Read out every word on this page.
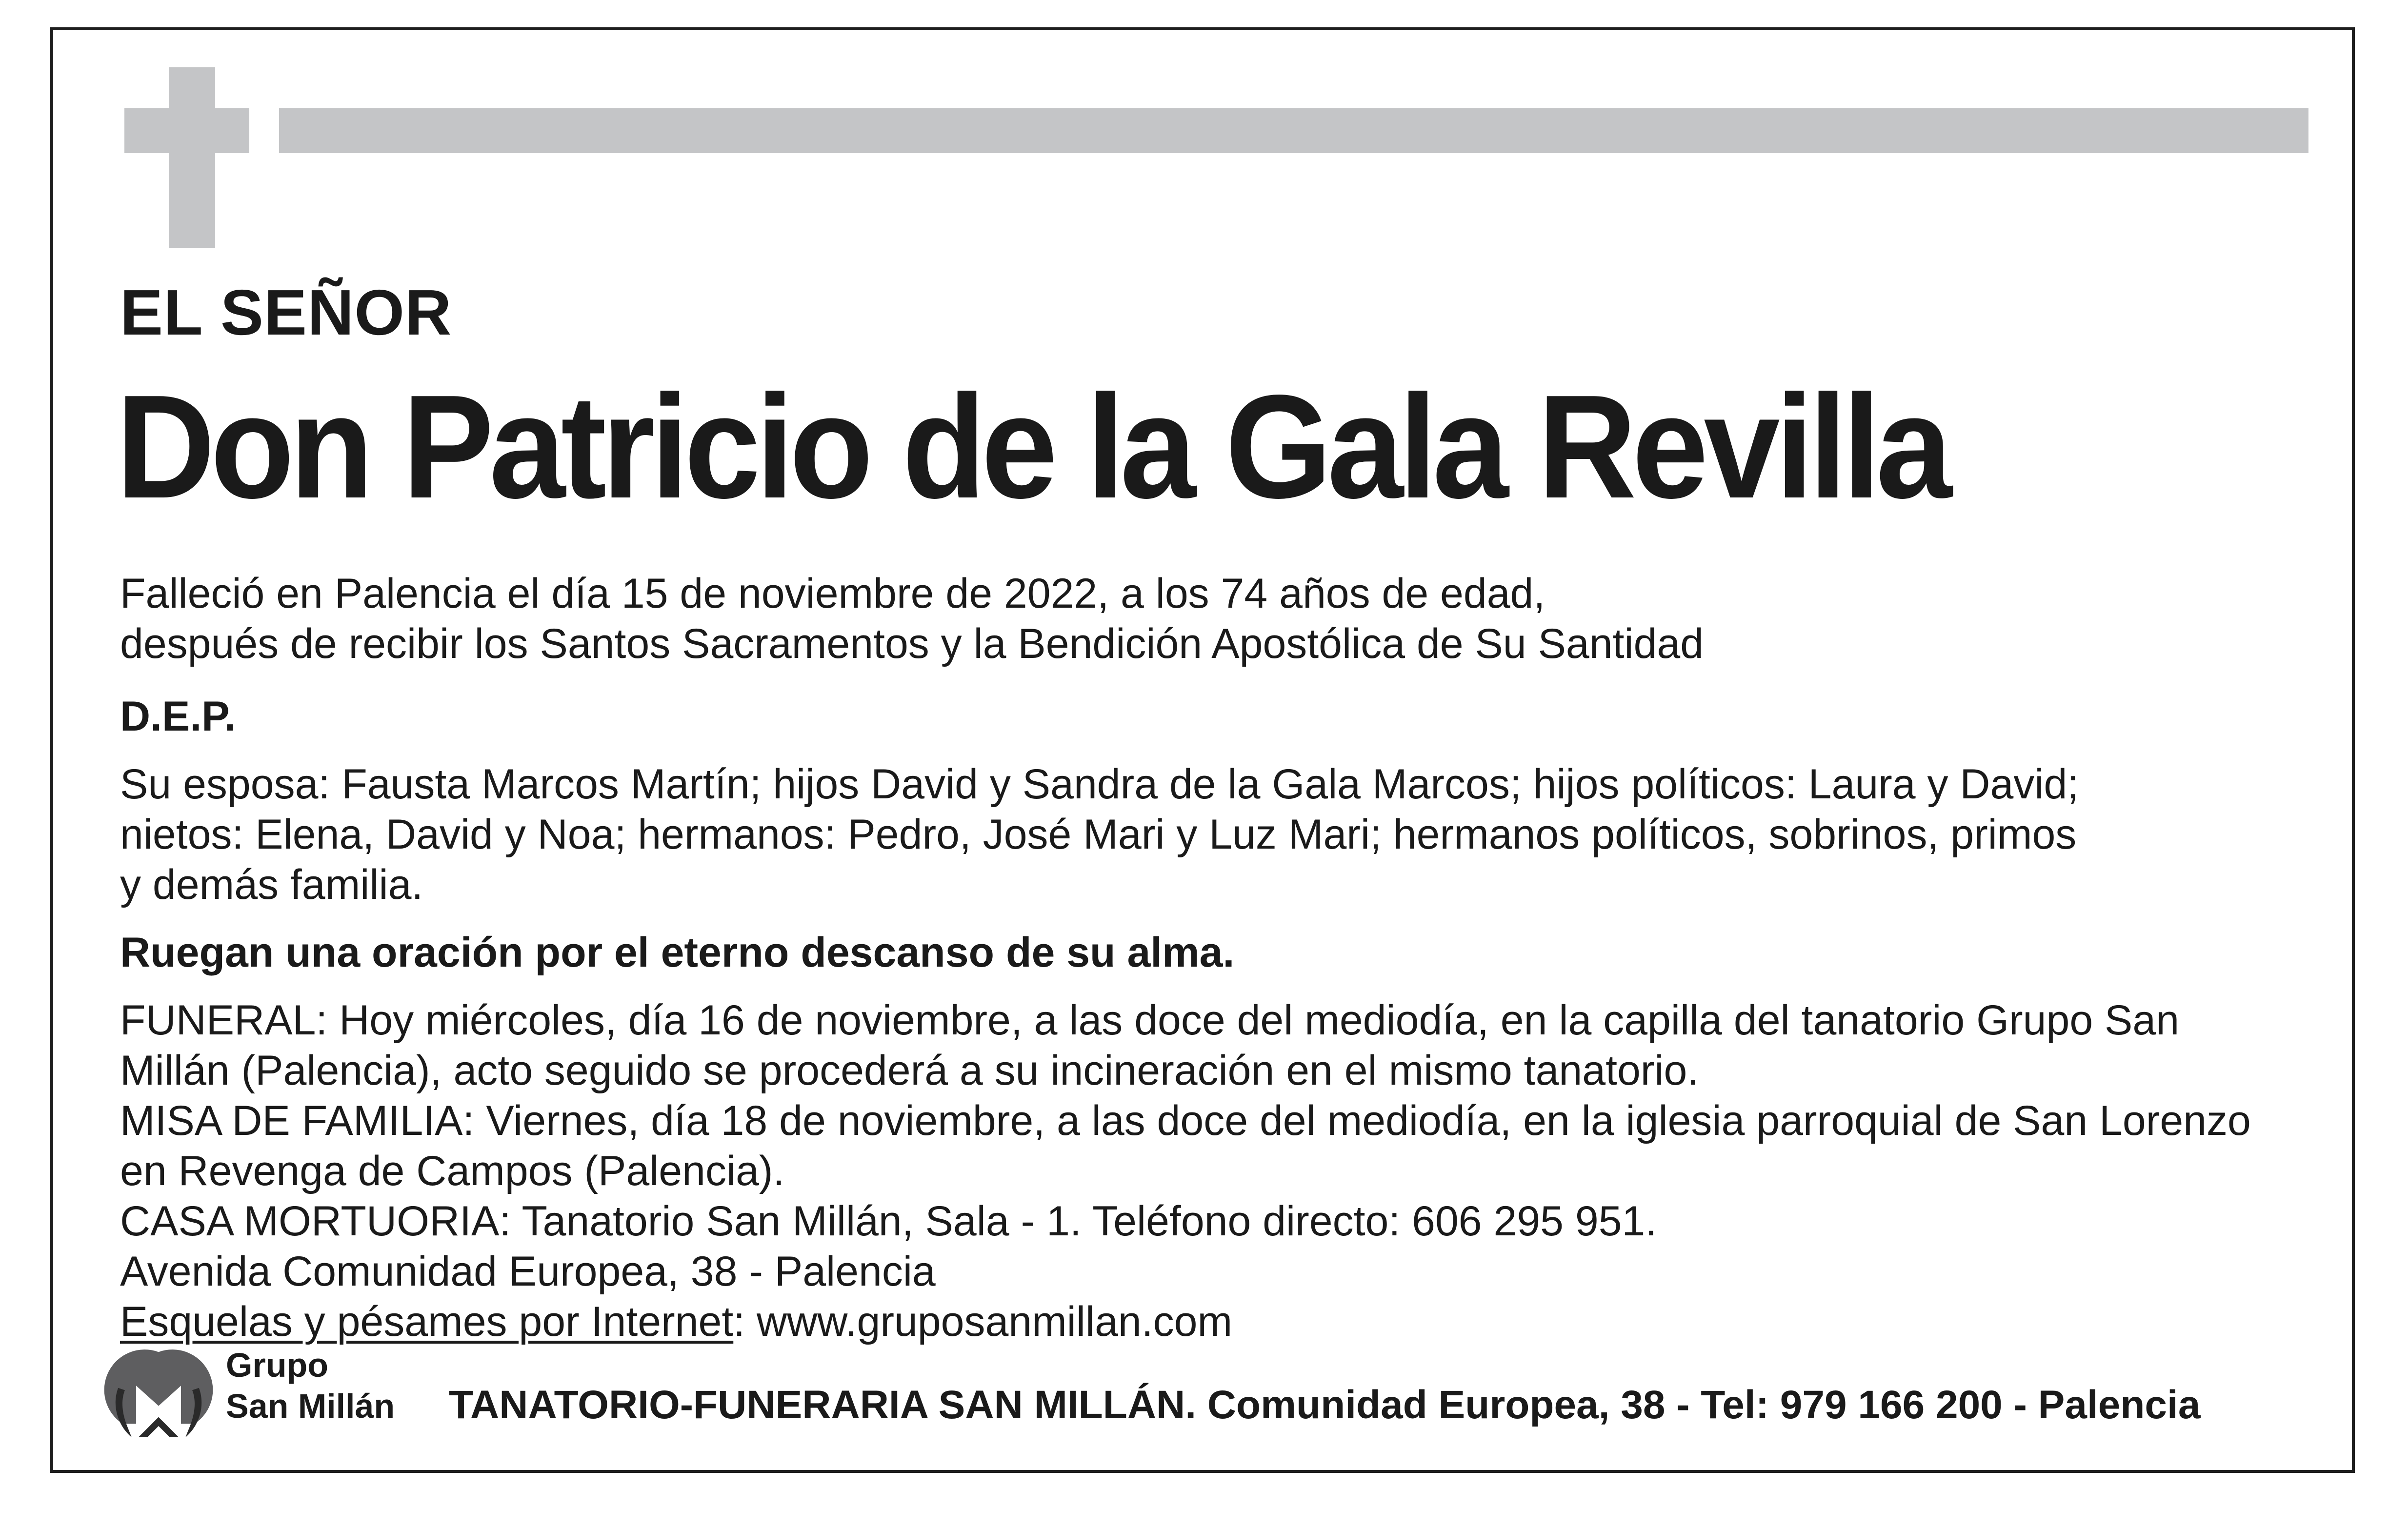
EL SEÑOR
Don Patricio de la Gala Revilla

Falleció en Palencia el día 15 de noviembre de 2022, a los 74 años de edad,

después de recibir los Santos Sacramentos y la Bendición Apostólica de Su Santidad

D.E.P.

Su esposa: Fausta Marcos Martín; hijos David y Sandra de la Gala Marcos; hijos políticos: Laura y David;

nietos: Elena, David y Noa; hermanos: Pedro, José Mari y Luz Mari; hermanos políticos, sobrinos, primos

y demás familia.

Ruegan una oración por el eterno descanso de su alma.

FUNERAL: Hoy miércoles, día 16 de noviembre, a las doce del mediodía, en la capilla del tanatorio Grupo San

Millán (Palencia), acto seguido se procederá a su incineración en el mismo tanatorio.

MISA DE FAMILIA: Viernes, día 18 de noviembre, a las doce del mediodía, en la iglesia parroquial de San Lorenzo

en Revenga de Campos (Palencia).

CASA MORTUORIA: Tanatorio San Millán, Sala - 1. Teléfono directo: 606 295 951.

Avenida Comunidad Europea, 38 - Palencia

Esquelas y pésames por Internet: www.gruposanmillan.com

Grupo
San Millán TANATORIO-FUNERARIA SAN MILLÁN. Comunidad Europea, 38 - Tel: 979 166 200 - Palencia
